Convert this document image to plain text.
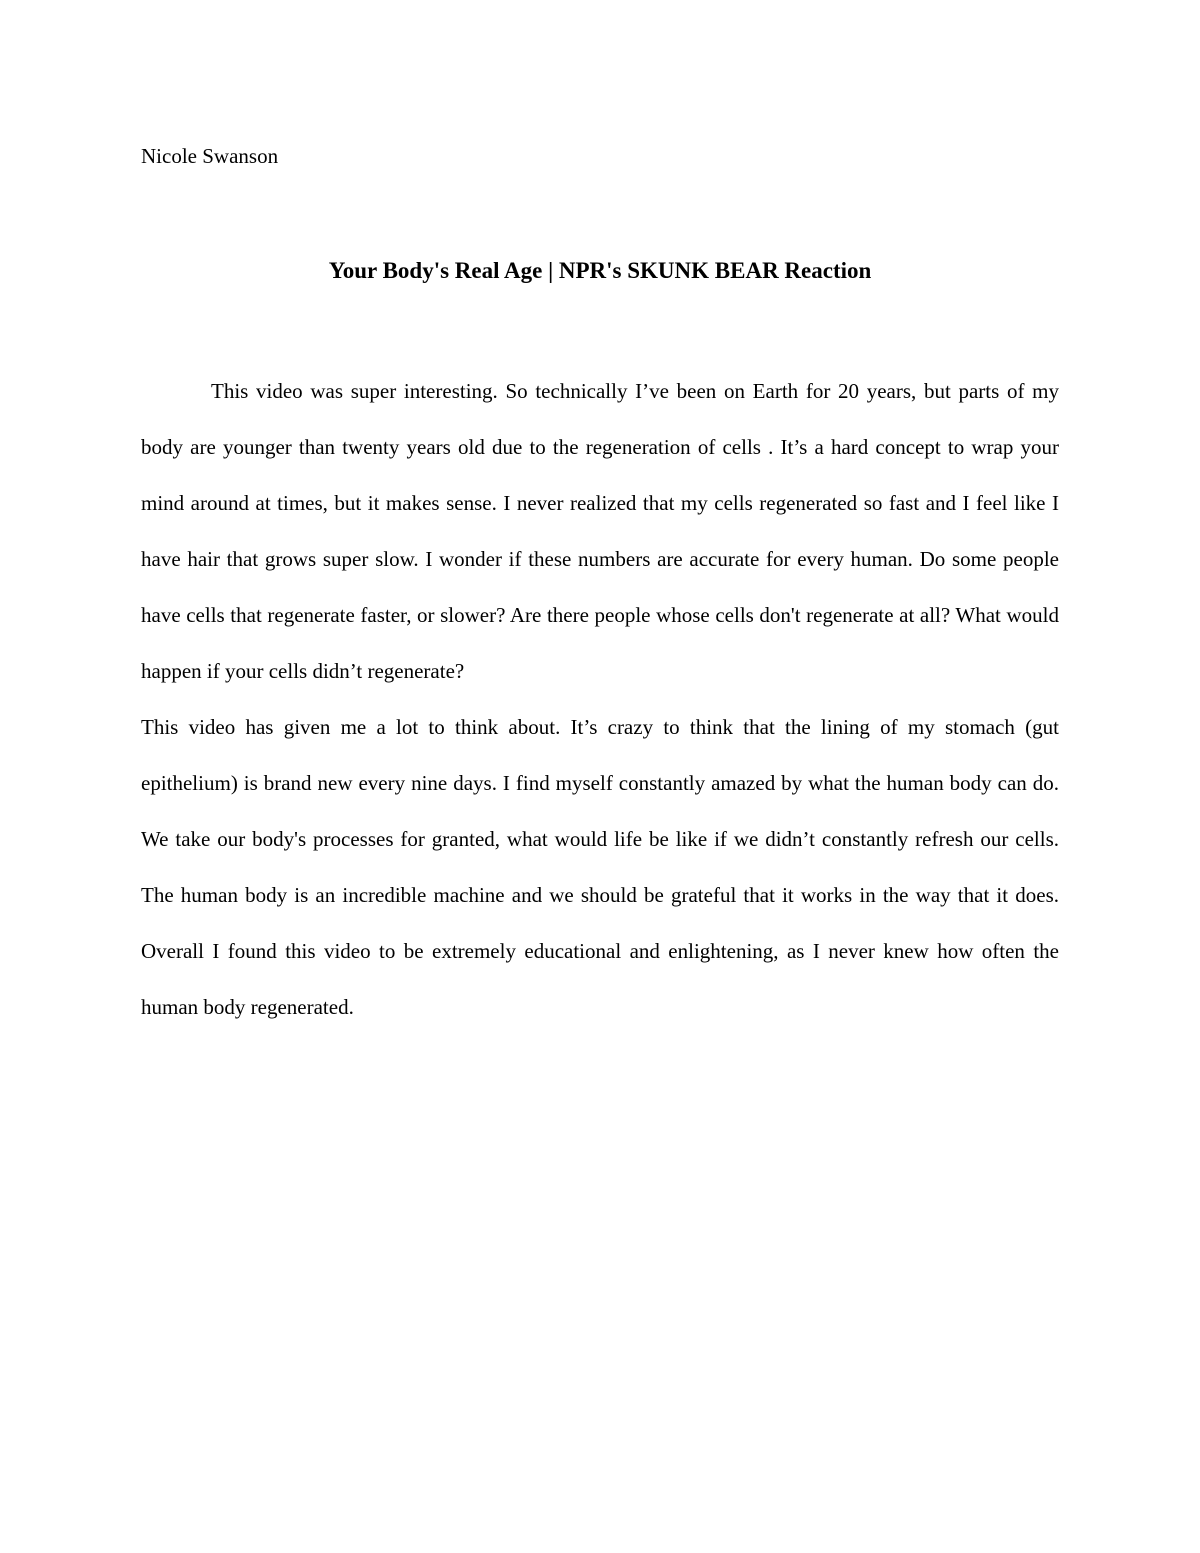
Nicole Swanson

Your Body's Real Age | NPR's SKUNK BEAR Reaction

This video was super interesting. So technically I’ve been on Earth for 20 years, but parts of my body are younger than twenty years old due to the regeneration of cells . It’s a hard concept to wrap your mind around at times, but it makes sense. I never realized that my cells regenerated so fast and I feel like I have hair that grows super slow. I wonder if these numbers are accurate for every human. Do some people have cells that regenerate faster, or slower? Are there people whose cells don't regenerate at all? What would happen if your cells didn’t regenerate?

This video has given me a lot to think about. It’s crazy to think that the lining of my stomach (gut epithelium) is brand new every nine days. I find myself constantly amazed by what the human body can do. We take our body's processes for granted, what would life be like if we didn’t constantly refresh our cells. The human body is an incredible machine and we should be grateful that it works in the way that it does. Overall I found this video to be extremely educational and enlightening, as I never knew how often the human body regenerated.
